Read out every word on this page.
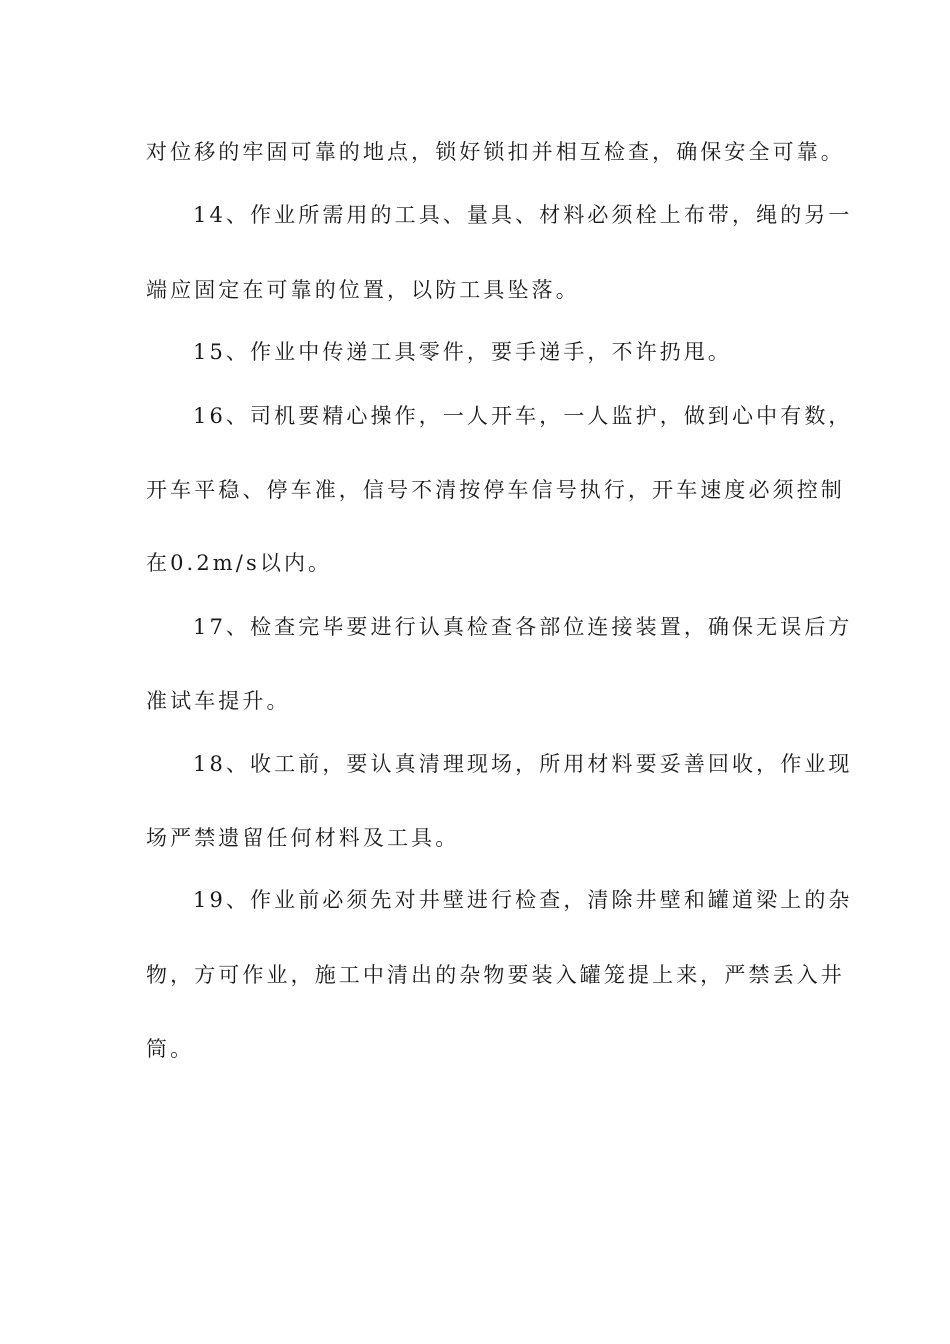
对位移的牢固可靠的地点，锁好锁扣并相互检查，确保安全可靠。
14、作业所需用的工具、量具、材料必须栓上布带，绳的另一
端应固定在可靠的位置，以防工具坠落。
15、作业中传递工具零件，要手递手，不许扔甩。
16、司机要精心操作，一人开车，一人监护，做到心中有数，
开车平稳、停车准，信号不清按停车信号执行，开车速度必须控制
在0.2m/s以内。
17、检查完毕要进行认真检查各部位连接装置，确保无误后方
准试车提升。
18、收工前，要认真清理现场，所用材料要妥善回收，作业现
场严禁遗留任何材料及工具。
19、作业前必须先对井壁进行检查，清除井壁和罐道梁上的杂
物，方可作业，施工中清出的杂物要装入罐笼提上来，严禁丢入井
筒。
